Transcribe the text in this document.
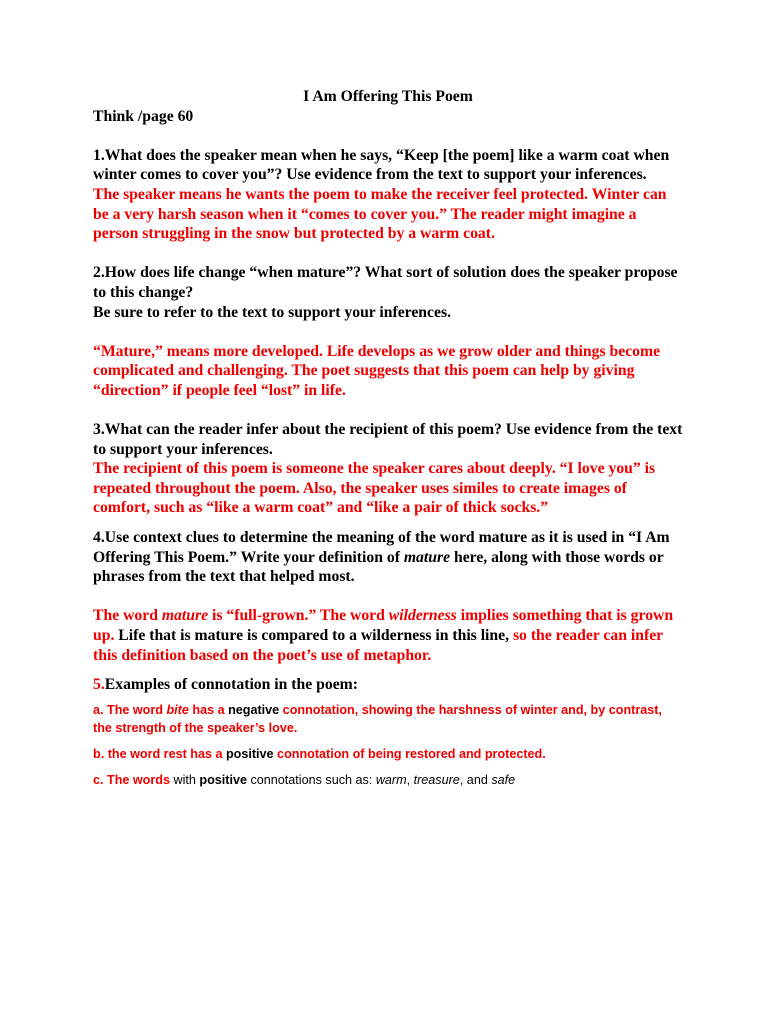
I Am Offering This Poem

Think /page 60

1.What does the speaker mean when he says, “Keep [the poem] like a warm coat when winter comes to cover you”? Use evidence from the text to support your inferences.

The speaker means he wants the poem to make the receiver feel protected. Winter can be a very harsh season when it “comes to cover you.” The reader might imagine a person struggling in the snow but protected by a warm coat.

2.How does life change “when mature”? What sort of solution does the speaker propose to this change?

Be sure to refer to the text to support your inferences.

“Mature,” means more developed. Life develops as we grow older and things become complicated and challenging. The poet suggests that this poem can help by giving “direction” if people feel “lost” in life.

3.What can the reader infer about the recipient of this poem? Use evidence from the text to support your inferences.

The recipient of this poem is someone the speaker cares about deeply. “I love you” is repeated throughout the poem. Also, the speaker uses similes to create images of comfort, such as “like a warm coat” and “like a pair of thick socks.”

4.Use context clues to determine the meaning of the word mature as it is used in “I Am
Offering This Poem.” Write your definition of mature here, along with those words or
phrases from the text that helped most.

The word mature is “full-grown.” The word wilderness implies something that is grown up. Life that is mature is compared to a wilderness in this line, so the reader can infer this definition based on the poet’s use of metaphor.

5.Examples of connotation in the poem:

a. The word bite has a negative connotation, showing the harshness of winter and, by contrast, the strength of the speaker’s love.

b. the word rest has a positive connotation of being restored and protected.

c. The words with positive connotations such as: warm, treasure, and safe
